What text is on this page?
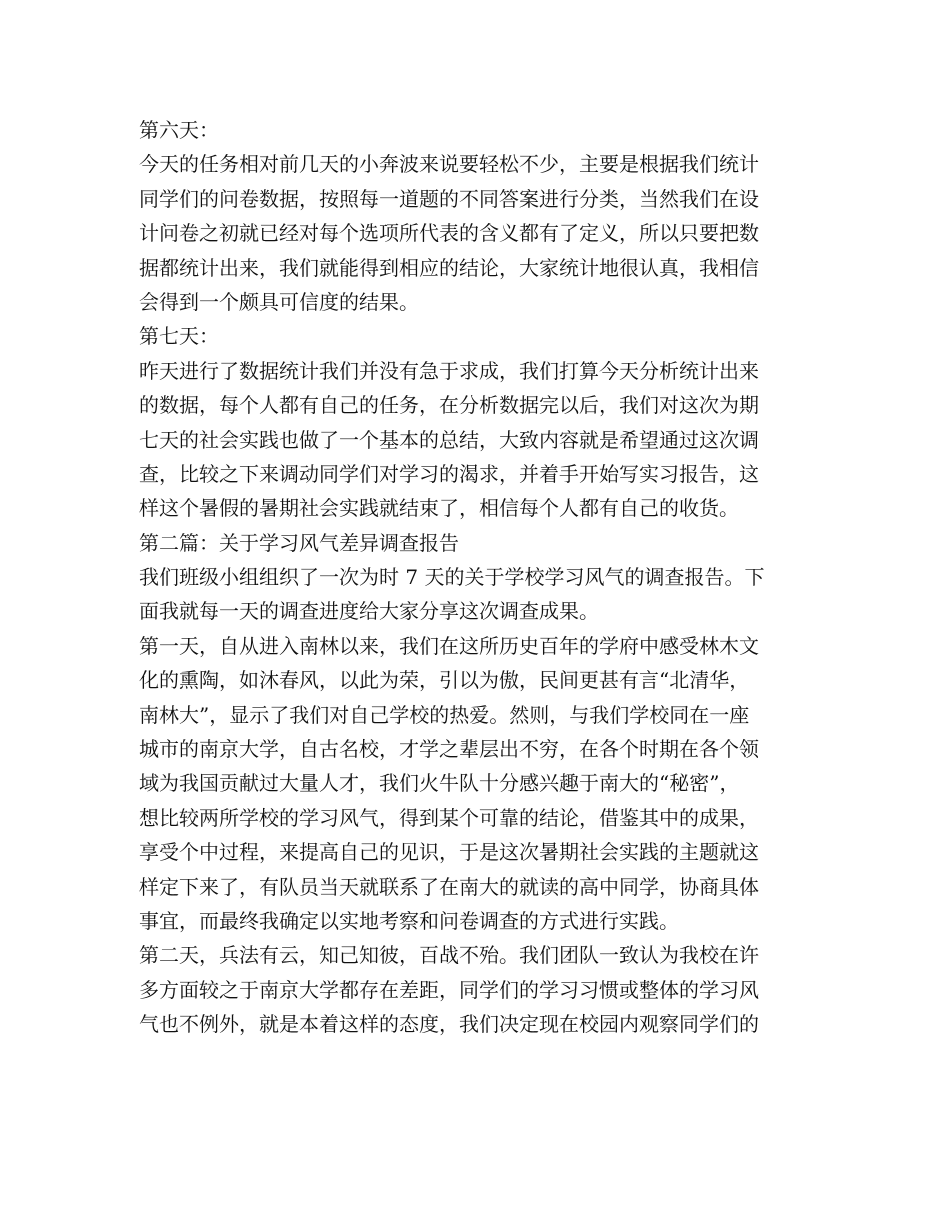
第六天：
今天的任务相对前几天的小奔波来说要轻松不少，主要是根据我们统计
同学们的问卷数据，按照每一道题的不同答案进行分类，当然我们在设
计问卷之初就已经对每个选项所代表的含义都有了定义，所以只要把数
据都统计出来，我们就能得到相应的结论，大家统计地很认真，我相信
会得到一个颇具可信度的结果。
第七天：
昨天进行了数据统计我们并没有急于求成，我们打算今天分析统计出来
的数据，每个人都有自己的任务，在分析数据完以后，我们对这次为期
七天的社会实践也做了一个基本的总结，大致内容就是希望通过这次调
查，比较之下来调动同学们对学习的渴求，并着手开始写实习报告，这
样这个暑假的暑期社会实践就结束了，相信每个人都有自己的收货。
第二篇：关于学习风气差异调查报告
我们班级小组组织了一次为时 7 天的关于学校学习风气的调查报告。下
面我就每一天的调查进度给大家分享这次调查成果。
第一天，自从进入南林以来，我们在这所历史百年的学府中感受林木文
化的熏陶，如沐春风，以此为荣，引以为傲，民间更甚有言“北清华，
南林大”，显示了我们对自己学校的热爱。然则，与我们学校同在一座
城市的南京大学，自古名校，才学之辈层出不穷，在各个时期在各个领
域为我国贡献过大量人才，我们火牛队十分感兴趣于南大的“秘密”，
想比较两所学校的学习风气，得到某个可靠的结论，借鉴其中的成果，
享受个中过程，来提高自己的见识，于是这次暑期社会实践的主题就这
样定下来了，有队员当天就联系了在南大的就读的高中同学，协商具体
事宜，而最终我确定以实地考察和问卷调查的方式进行实践。
第二天，兵法有云，知己知彼，百战不殆。我们团队一致认为我校在许
多方面较之于南京大学都存在差距，同学们的学习习惯或整体的学习风
气也不例外，就是本着这样的态度，我们决定现在校园内观察同学们的
